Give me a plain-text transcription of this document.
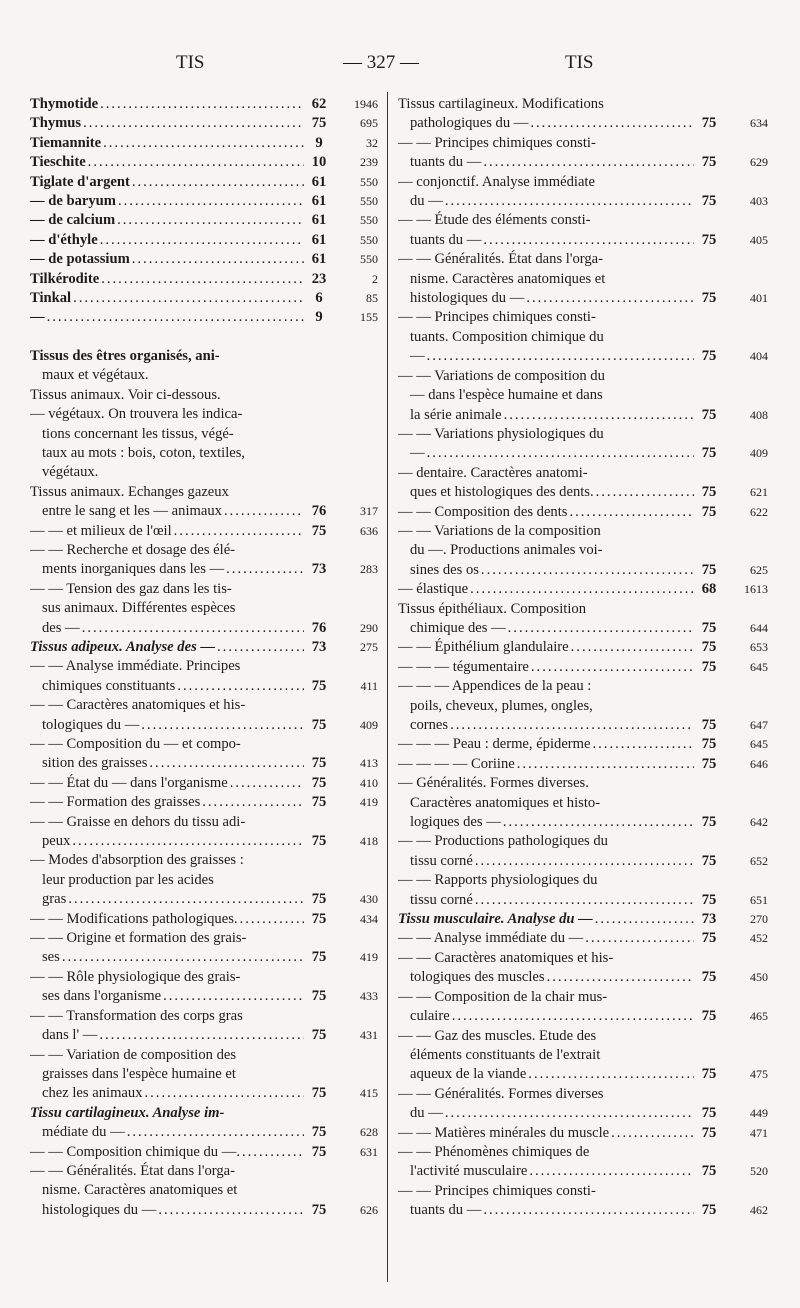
TIS	— 327 —	TIS
Thymotide .....	62	1946
Thymus .....	75	695
Tiemannite .....	9	32
Tieschite .....	10	239
Tiglate d'argent .....	61	550
— de baryum .....	61	550
— de calcium .....	61	550
— d'éthyle .....	61	550
— de potassium .....	61	550
Tilkérodite .....	23	2
Tinkal .....	6	85
— .....	9	155
Tissus des êtres organisés, ani-
maux et végétaux.
Tissus animaux. Voir ci-dessous.
— végétaux. On trouvera les indica-
tions concernant les tissus, végé-
taux au mots : bois, coton, textiles,
végétaux.
Tissus animaux. Echanges gazeux
entre le sang et les — animaux .....	76	317
— — et milieux de l'œil .....	75	636
— — Recherche et dosage des élé-
ments inorganiques dans les — .....	73	283
— — Tension des gaz dans les tis-
sus animaux. Différentes espèces
des — .....	76	290
Tissus adipeux. Analyse des — .....	73	275
— — Analyse immédiate. Principes
chimiques constituants .....	75	411
— — Caractères anatomiques et his-
tologiques du — .....	75	409
— — Composition du — et compo-
sition des graisses .....	75	413
— — État du — dans l'organisme .....	75	410
— — Formation des graisses .....	75	419
— — Graisse en dehors du tissu adi-
peux .....	75	418
— Modes d'absorption des graisses :
leur production par les acides
gras .....	75	430
— — Modifications pathologiques. .....	75	434
— — Origine et formation des grais-
ses .....	75	419
— — Rôle physiologique des grais-
ses dans l'organisme .....	75	433
— — Transformation des corps gras
dans l' — .....	75	431
— — Variation de composition des
graisses dans l'espèce humaine et
chez les animaux .....	75	415
Tissu cartilagineux. Analyse im-
médiate du — .....	75	628
— — Composition chimique du —. .....	75	631
— — Généralités. État dans l'orga-
nisme. Caractères anatomiques et
histologiques du — .....	75	626
Tissus cartilagineux. Modifications
pathologiques du — .....	75	634
— — Principes chimiques consti-
tuants du — .....	75	629
— conjonctif. Analyse immédiate
du — .....	75	403
— — Étude des éléments consti-
tuants du — .....	75	405
— — Généralités. État dans l'orga-
nisme. Caractères anatomiques et
histologiques du — .....	75	401
— — Principes chimiques consti-
tuants. Composition chimique du
— .....	75	404
— — Variations de composition du
— dans l'espèce humaine et dans
la série animale .....	75	408
— — Variations physiologiques du
— .....	75	409
— dentaire. Caractères anatomi-
ques et histologiques des dents. .....	75	621
— — Composition des dents .....	75	622
— — Variations de la composition
du —. Productions animales voi-
sines des os .....	75	625
— élastique .....	68	1613
Tissus épithéliaux. Composition
chimique des — .....	75	644
— — Épithélium glandulaire .....	75	653
— — — tégumentaire .....	75	645
— — — Appendices de la peau :
poils, cheveux, plumes, ongles,
cornes .....	75	647
— — — Peau : derme, épiderme .....	75	645
— — — — Coriine .....	75	646
— Généralités. Formes diverses.
Caractères anatomiques et histo-
logiques des — .....	75	642
— — Productions pathologiques du
tissu corné .....	75	652
— — Rapports physiologiques du
tissu corné .....	75	651
Tissu musculaire. Analyse du — .....	73	270
— — Analyse immédiate du — .....	75	452
— — Caractères anatomiques et his-
tologiques des muscles .....	75	450
— — Composition de la chair mus-
culaire .....	75	465
— — Gaz des muscles. Etude des
éléments constituants de l'extrait
aqueux de la viande .....	75	475
— — Généralités. Formes diverses
du — .....	75	449
— — Matières minérales du muscle .....	75	471
— — Phénomènes chimiques de
l'activité musculaire .....	75	520
— — Principes chimiques consti-
tuants du — .....	75	462
